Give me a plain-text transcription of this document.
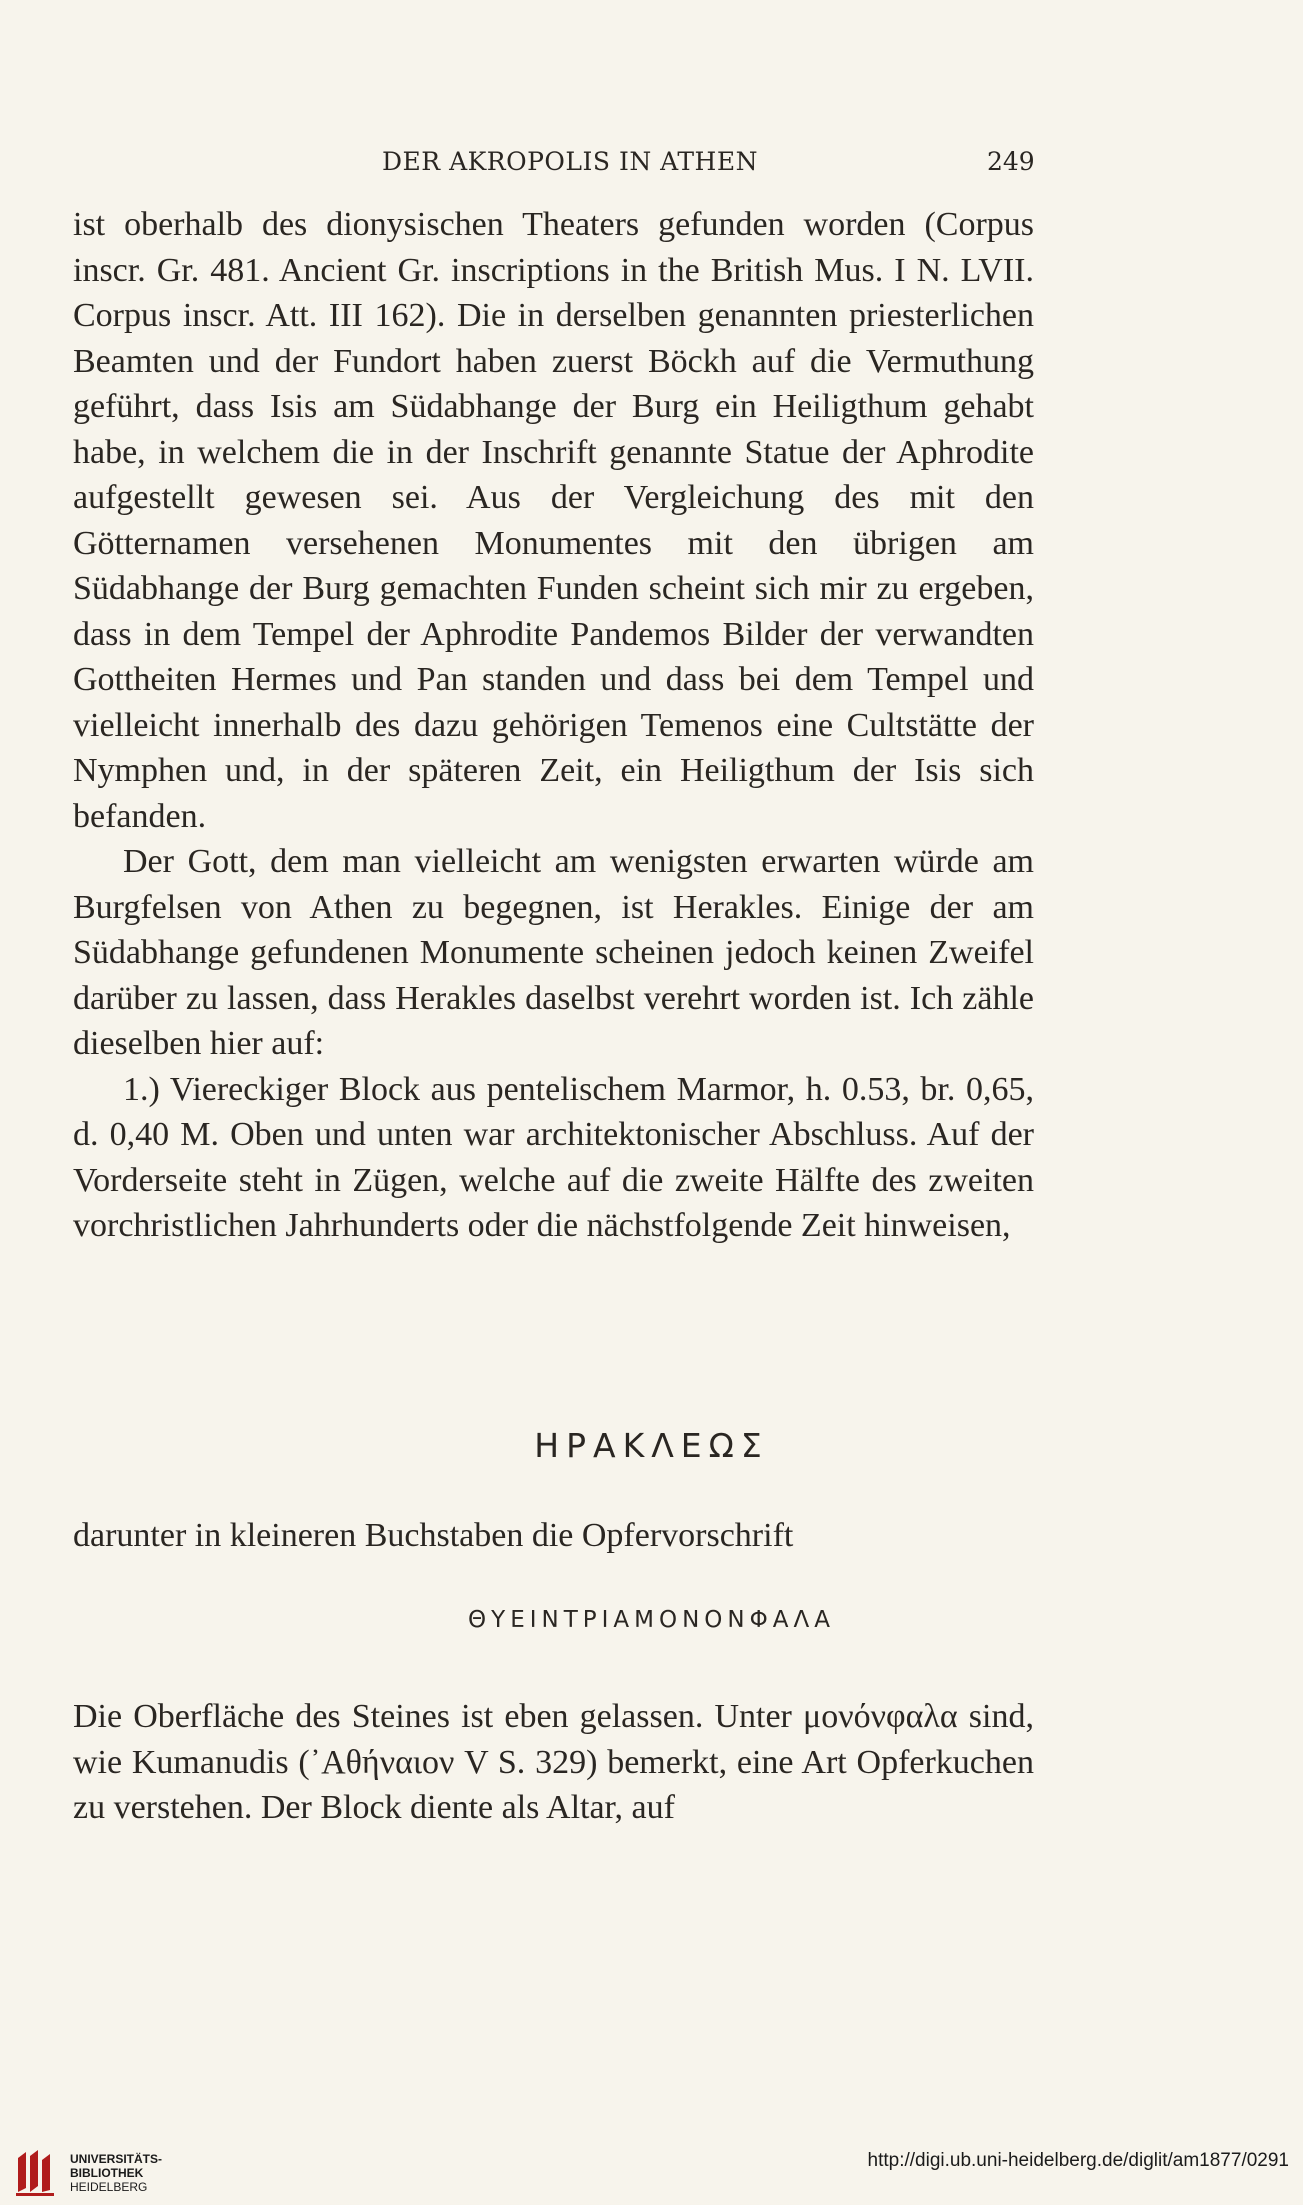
DER AKROPOLIS IN ATHEN	249

ist oberhalb des dionysischen Theaters gefunden worden (Corpus inscr. Gr. 481. Ancient Gr. inscriptions in the British Mus. I N. LVII. Corpus inscr. Att. III 162). Die in derselben genannten priesterlichen Beamten und der Fundort haben zuerst Böckh auf die Vermuthung geführt, dass Isis am Südabhange der Burg ein Heiligthum gehabt habe, in welchem die in der Inschrift genannte Statue der Aphrodite aufgestellt gewesen sei. Aus der Vergleichung des mit den Götternamen versehenen Monumentes mit den übrigen am Südabhange der Burg gemachten Funden scheint sich mir zu ergeben, dass in dem Tempel der Aphrodite Pandemos Bilder der verwandten Gottheiten Hermes und Pan standen und dass bei dem Tempel und vielleicht innerhalb des dazu gehörigen Temenos eine Cultstätte der Nymphen und, in der späteren Zeit, ein Heiligthum der Isis sich befanden.

Der Gott, dem man vielleicht am wenigsten erwarten würde am Burgfelsen von Athen zu begegnen, ist Herakles. Einige der am Südabhange gefundenen Monumente scheinen jedoch keinen Zweifel darüber zu lassen, dass Herakles daselbst verehrt worden ist. Ich zähle dieselben hier auf:

1.) Viereckiger Block aus pentelischem Marmor, h. 0.53, br. 0,65, d. 0,40 M. Oben und unten war architektonischer Abschluss. Auf der Vorderseite steht in Zügen, welche auf die zweite Hälfte des zweiten vorchristlichen Jahrhunderts oder die nächstfolgende Zeit hinweisen,

ΗΡΑΚΛΕΩΣ

darunter in kleineren Buchstaben die Opfervorschrift

ΘΥΕΙΝΤΡΙΑΜΟΝΟΝΦΑΛΑ

Die Oberfläche des Steines ist eben gelassen. Unter μονόνφαλα sind, wie Kumanudis (᾿Αθήναιον V S. 329) bemerkt, eine Art Opferkuchen zu verstehen. Der Block diente als Altar, auf

UNIVERSITÄTS-
BIBLIOTHEK
HEIDELBERG
http://digi.ub.uni-heidelberg.de/diglit/am1877/0291
